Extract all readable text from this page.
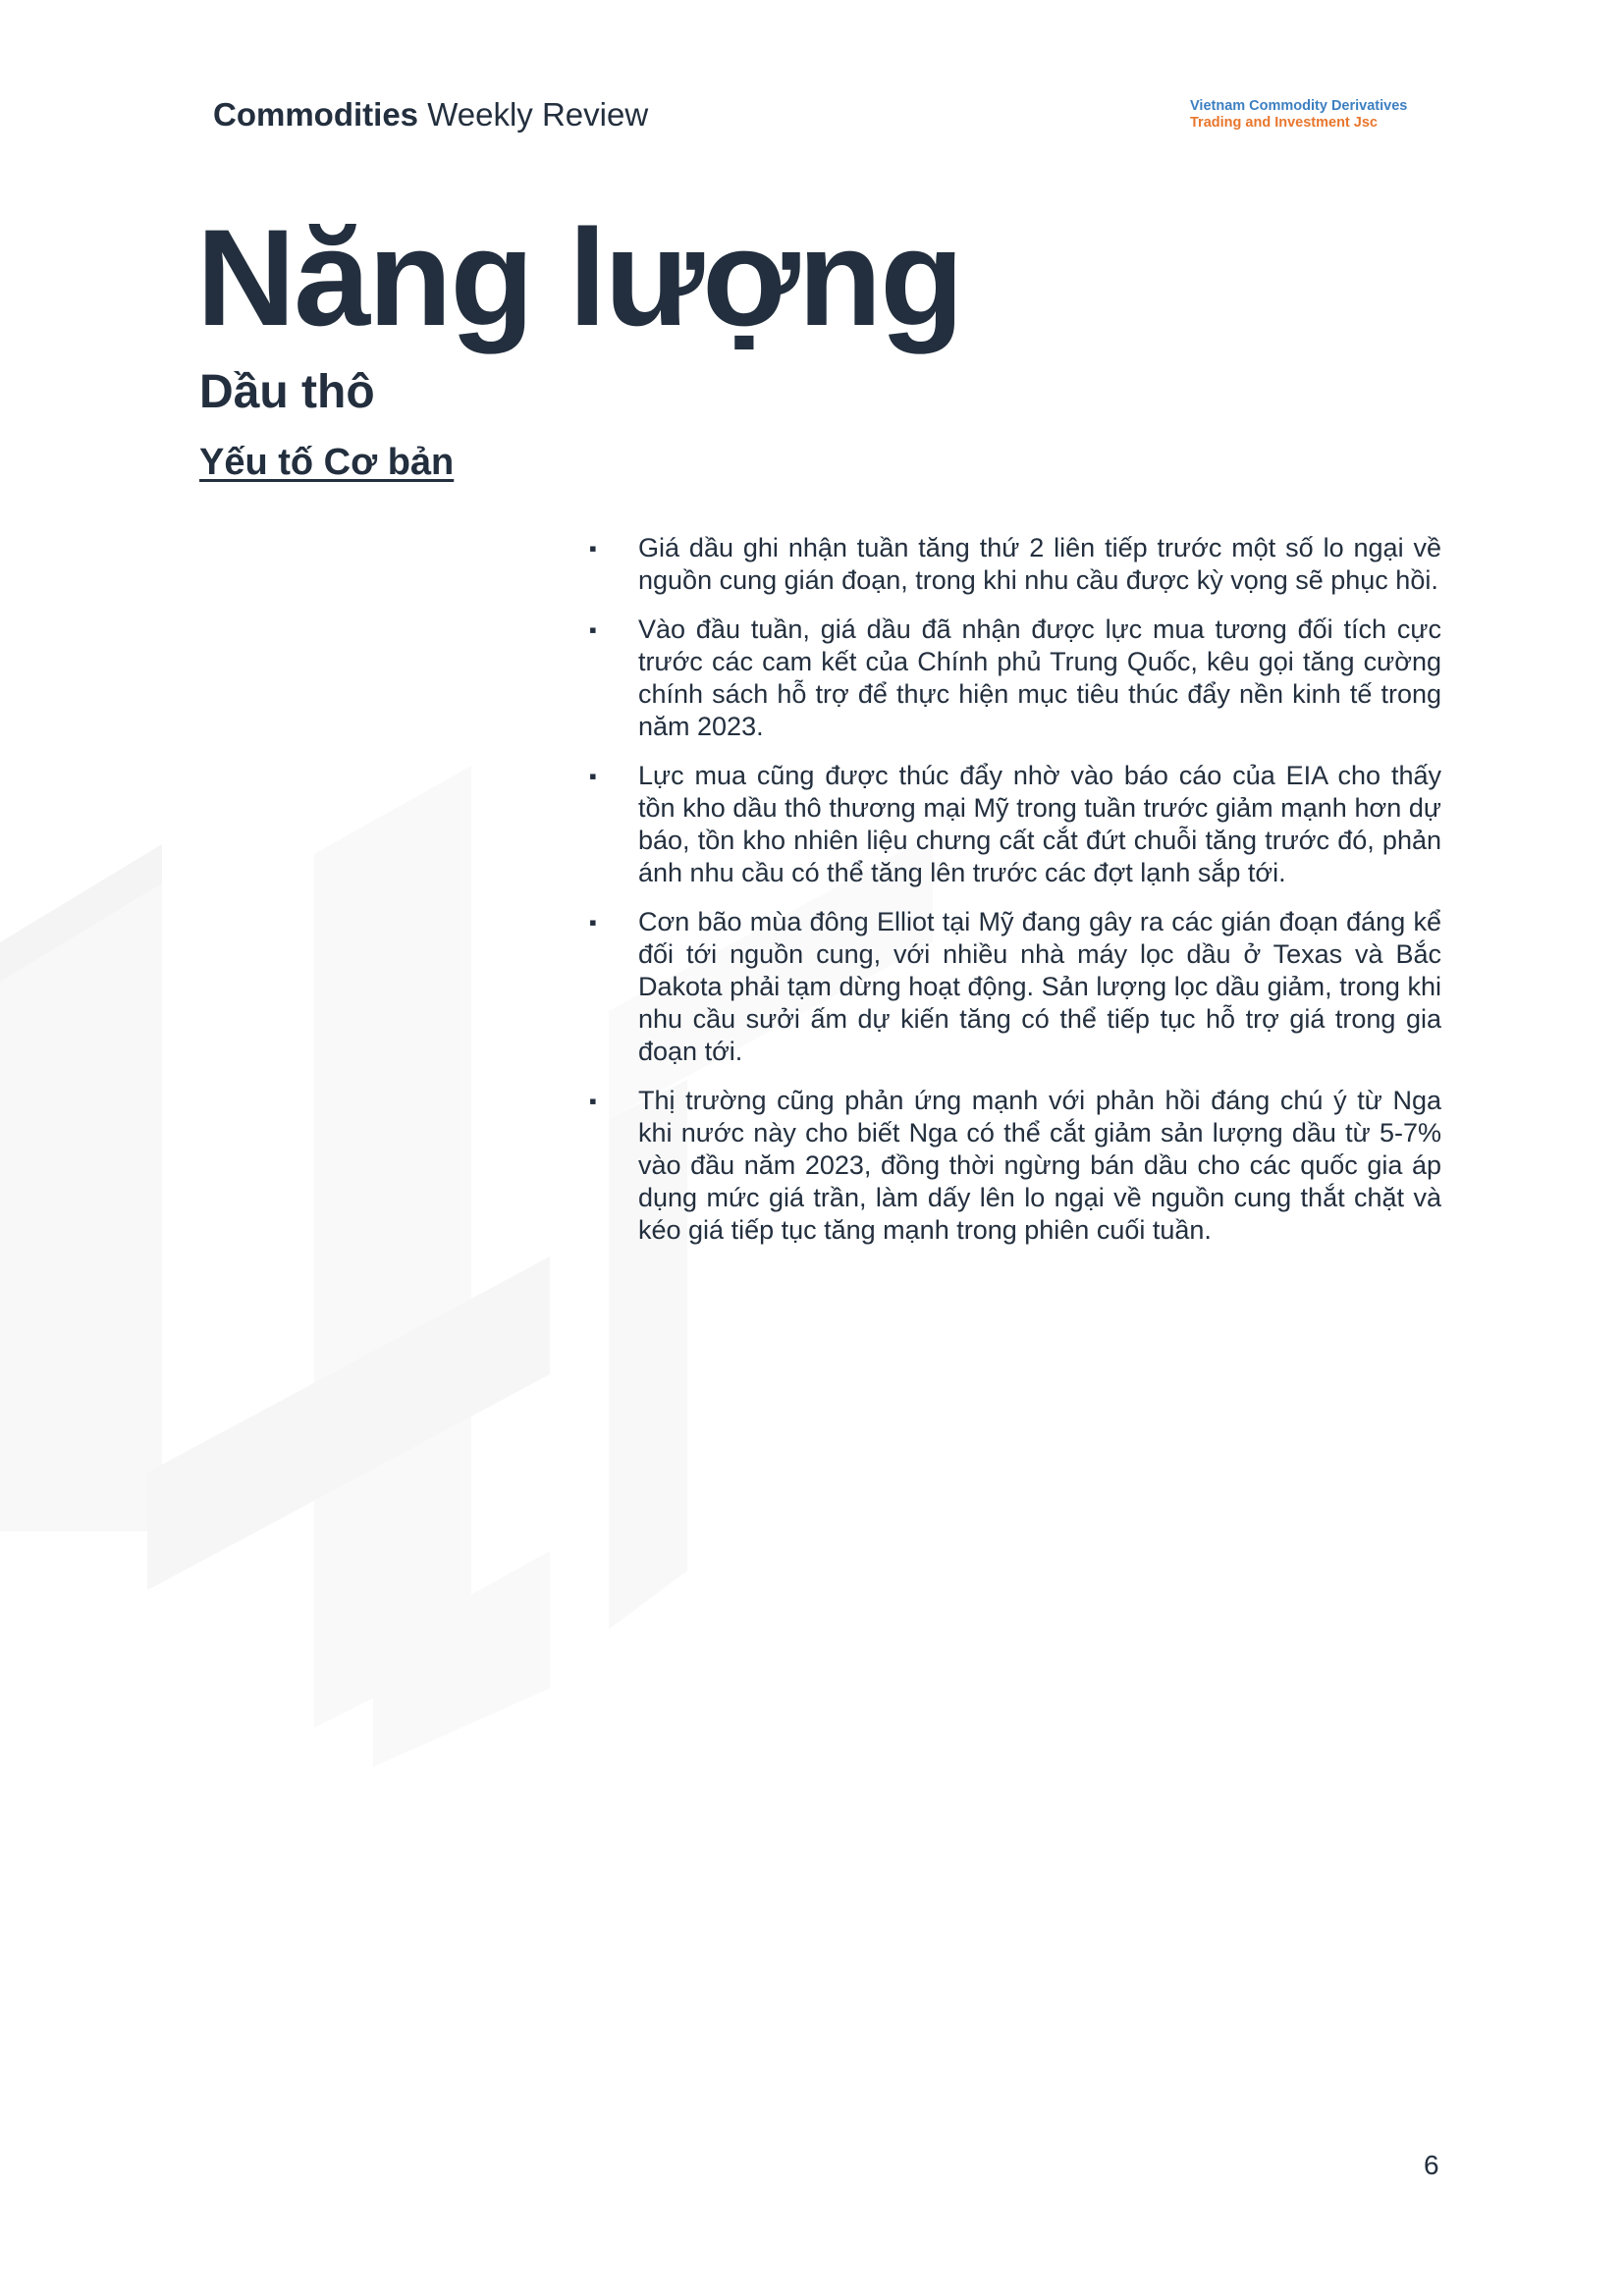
Commodities Weekly Review	Vietnam Commodity Derivatives
Trading and Investment Jsc
Năng lượng
Dầu thô
Yếu tố Cơ bản
▪ Giá dầu ghi nhận tuần tăng thứ 2 liên tiếp trước một số lo ngại về nguồn cung gián đoạn, trong khi nhu cầu được kỳ vọng sẽ phục hồi.
▪ Vào đầu tuần, giá dầu đã nhận được lực mua tương đối tích cực trước các cam kết của Chính phủ Trung Quốc, kêu gọi tăng cường chính sách hỗ trợ để thực hiện mục tiêu thúc đẩy nền kinh tế trong năm 2023.
▪ Lực mua cũng được thúc đẩy nhờ vào báo cáo của EIA cho thấy tồn kho dầu thô thương mại Mỹ trong tuần trước giảm mạnh hơn dự báo, tồn kho nhiên liệu chưng cất cắt đứt chuỗi tăng trước đó, phản ánh nhu cầu có thể tăng lên trước các đợt lạnh sắp tới.
▪ Cơn bão mùa đông Elliot tại Mỹ đang gây ra các gián đoạn đáng kể đối tới nguồn cung, với nhiều nhà máy lọc dầu ở Texas và Bắc Dakota phải tạm dừng hoạt động. Sản lượng lọc dầu giảm, trong khi nhu cầu sưởi ấm dự kiến tăng có thể tiếp tục hỗ trợ giá trong gia đoạn tới.
▪ Thị trường cũng phản ứng mạnh với phản hồi đáng chú ý từ Nga khi nước này cho biết Nga có thể cắt giảm sản lượng dầu từ 5-7% vào đầu năm 2023, đồng thời ngừng bán dầu cho các quốc gia áp dụng mức giá trần, làm dấy lên lo ngại về nguồn cung thắt chặt và kéo giá tiếp tục tăng mạnh trong phiên cuối tuần.
6
